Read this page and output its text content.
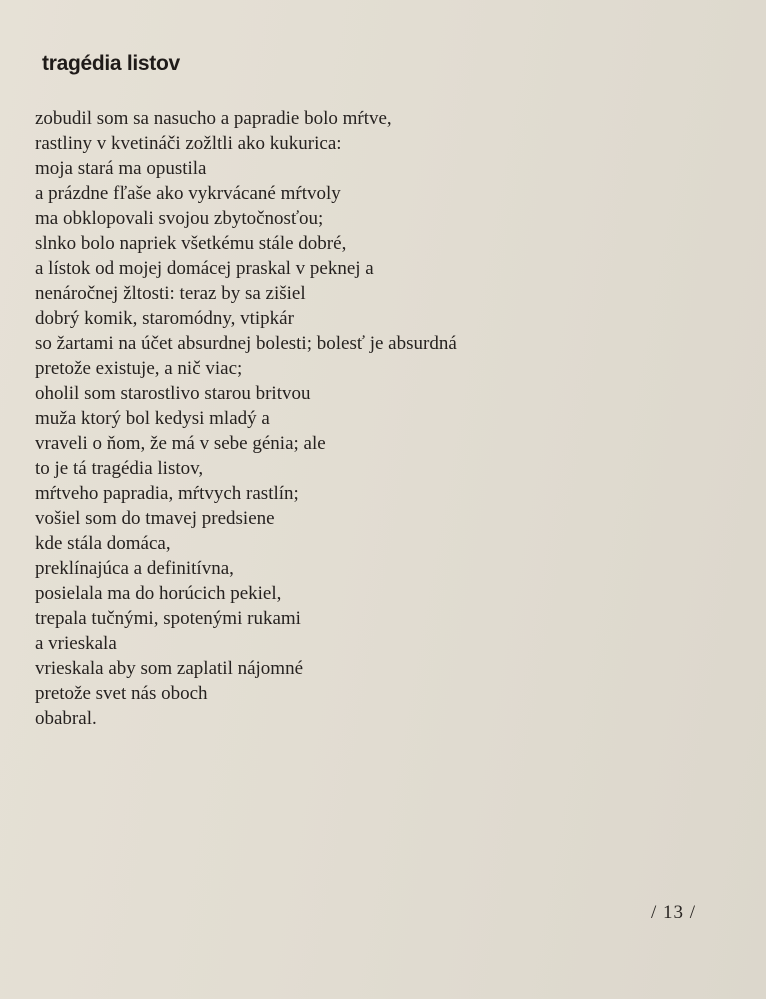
tragédia listov
zobudil som sa nasucho a papradie bolo mŕtve,
rastliny v kvetináči zožltli ako kukurica:
moja stará ma opustila
a prázdne fľaše ako vykrvácané mŕtvoly
ma obklopovali svojou zbytočnosťou;
slnko bolo napriek všetkému stále dobré,
a lístok od mojej domácej praskal v peknej a
nenáročnej žltosti: teraz by sa zišiel
dobrý komik, staromódny, vtipkár
so žartami na účet absurdnej bolesti; bolesť je absurdná
pretože existuje, a nič viac;
oholil som starostlivo starou britvou
muža ktorý bol kedysi mladý a
vraveli o ňom, že má v sebe génia; ale
to je tá tragédia listov,
mŕtveho papradia, mŕtvych rastlín;
vošiel som do tmavej predsiene
kde stála domáca,
preklínajúca a definitívna,
posielala ma do horúcich pekiel,
trepala tučnými, spotenými rukami
a vrieskala
vrieskala aby som zaplatil nájomné
pretože svet nás oboch
obabral.
/ 13 /
